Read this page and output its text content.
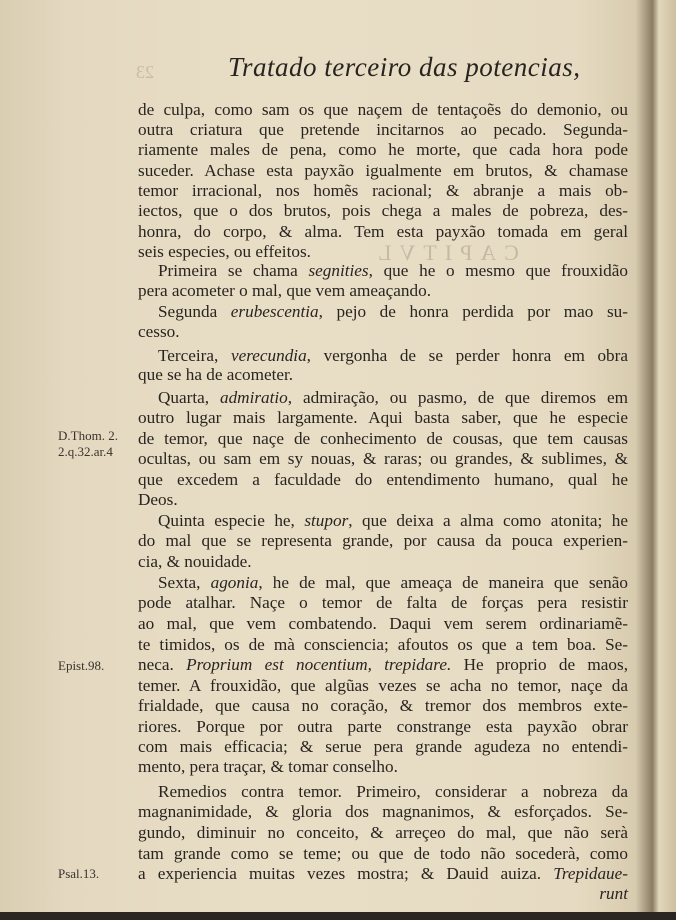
CAPITVL
23	Tratado terceiro das potencias,
de culpa, como sam os que naçem de tentaçoẽs do demonio, ou
outra criatura que pretende incitarnos ao pecado. Segunda-
riamente males de pena, como he morte, que cada hora pode
suceder. Achase esta payxão igualmente em brutos, & chamase
temor irracional, nos homẽs racional; & abranje a mais ob-
iectos, que o dos brutos, pois chega a males de pobreza, des-
honra, do corpo, & alma. Tem esta payxão tomada em geral
seis especies, ou effeitos.
Primeira se chama segnities, que he o mesmo que frouxidão
pera acometer o mal, que vem ameaçando.
Segunda erubescentia, pejo de honra perdida por mao su-
cesso.
Terceira, verecundia, vergonha de se perder honra em obra
que se ha de acometer.
Quarta, admiratio, admiração, ou pasmo, de que diremos em
outro lugar mais largamente. Aqui basta saber, que he especie
de temor, que naçe de conhecimento de cousas, que tem causas
ocultas, ou sam em sy nouas, & raras; ou grandes, & sublimes, &
que excedem a faculdade do entendimento humano, qual he
Deos.
Quinta especie he, stupor, que deixa a alma como atonita; he
do mal que se representa grande, por causa da pouca experien-
cia, & nouidade.
Sexta, agonia, he de mal, que ameaça de maneira que senão
pode atalhar. Naçe o temor de falta de forças pera resistir
ao mal, que vem combatendo. Daqui vem serem ordinariamẽ-
te timidos, os de mà consciencia; afoutos os que a tem boa. Se-
neca. Proprium est nocentium, trepidare. He proprio de maos,
temer. A frouxidão, que algũas vezes se acha no temor, naçe da
frialdade, que causa no coração, & tremor dos membros exte-
riores. Porque por outra parte constrange esta payxão obrar
com mais efficacia; & serue pera grande agudeza no entendi-
mento, pera traçar, & tomar conselho.
Remedios contra temor. Primeiro, considerar a nobreza da
magnanimidade, & gloria dos magnanimos, & esforçados. Se-
gundo, diminuir no conceito, & arreçeo do mal, que não serà
tam grande como se teme; ou que de todo não socederà, como
a experiencia muitas vezes mostra; & Dauid auiza. Trepidaue-
runt
D.Thom. 2.
2.q.32.ar.4
Epist.98.
Psal.13.
